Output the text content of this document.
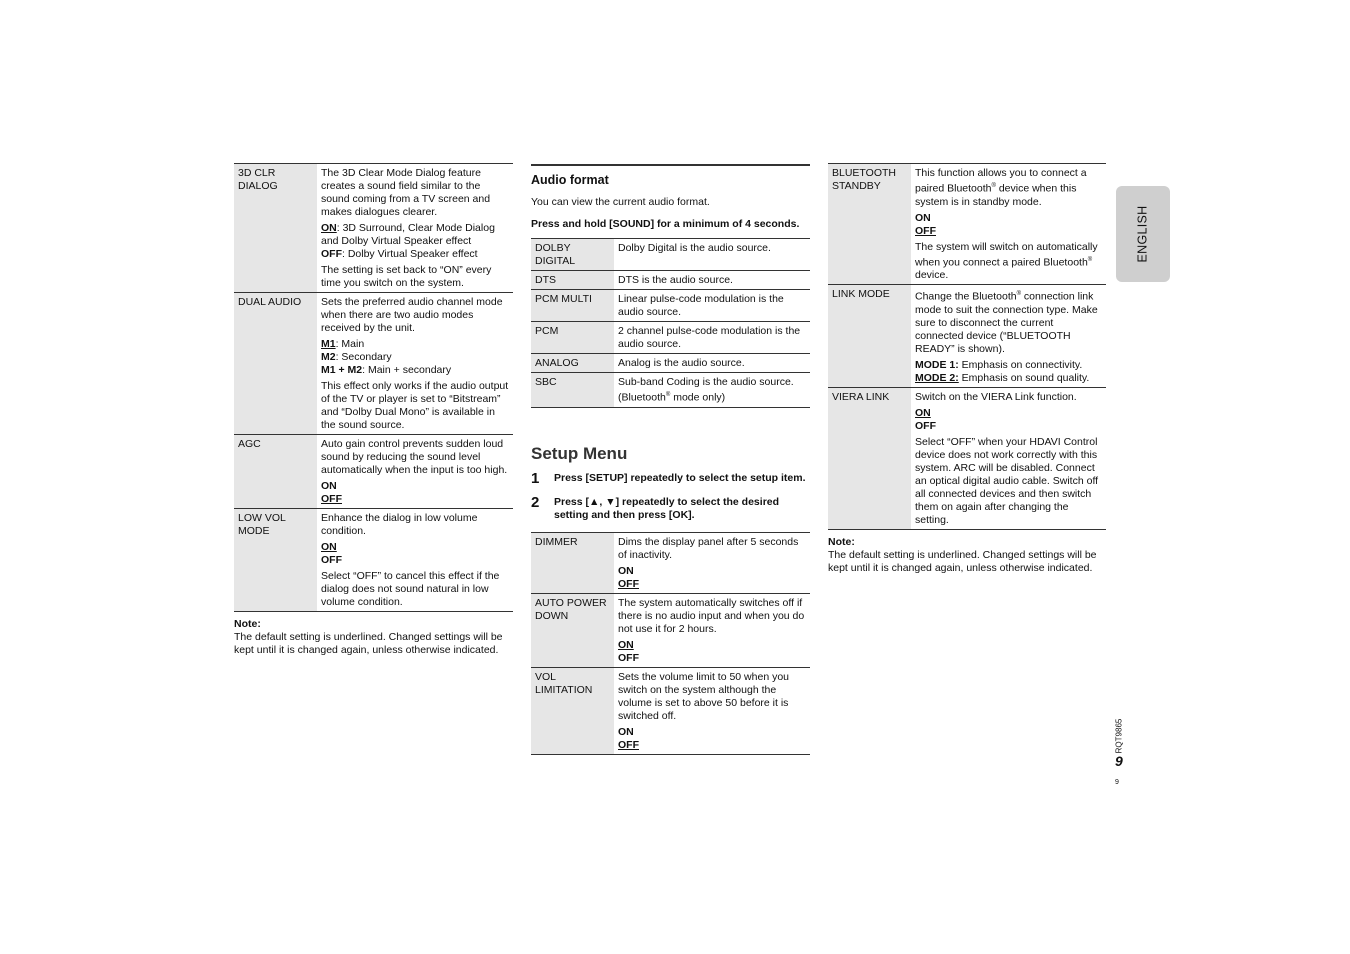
3D CLR DIALOG	The 3D Clear Mode Dialog feature creates a sound field similar to the sound coming from a TV screen and makes dialogues clearer.
ON: 3D Surround, Clear Mode Dialog and Dolby Virtual Speaker effect
OFF: Dolby Virtual Speaker effect
The setting is set back to “ON” every time you switch on the system.

DUAL AUDIO	Sets the preferred audio channel mode when there are two audio modes received by the unit.
M1: Main
M2: Secondary
M1 + M2: Main + secondary
This effect only works if the audio output of the TV or player is set to “Bitstream” and “Dolby Dual Mono” is available in the sound source.

AGC	Auto gain control prevents sudden loud sound by reducing the sound level automatically when the input is too high.
ON
OFF

LOW VOL MODE	Enhance the dialog in low volume condition.
ON
OFF
Select “OFF” to cancel this effect if the dialog does not sound natural in low volume condition.
Note:
The default setting is underlined. Changed settings will be kept until it is changed again, unless otherwise indicated.
Audio format
You can view the current audio format.
Press and hold [SOUND] for a minimum of 4 seconds.
DOLBY DIGITAL	Dolby Digital is the audio source.
DTS	DTS is the audio source.
PCM MULTI	Linear pulse-code modulation is the audio source.
PCM	2 channel pulse-code modulation is the audio source.
ANALOG	Analog is the audio source.
SBC	Sub-band Coding is the audio source.
(Bluetooth® mode only)
Setup Menu
1	Press [SETUP] repeatedly to select the setup item.
2	Press [▲, ▼] repeatedly to select the desired setting and then press [OK].
DIMMER	Dims the display panel after 5 seconds of inactivity.
ON
OFF

AUTO POWER DOWN	The system automatically switches off if there is no audio input and when you do not use it for 2 hours.
ON
OFF

VOL LIMITATION	Sets the volume limit to 50 when you switch on the system although the volume is set to above 50 before it is switched off.
ON
OFF
BLUETOOTH STANDBY	This function allows you to connect a paired Bluetooth® device when this system is in standby mode.
ON
OFF
The system will switch on automatically when you connect a paired Bluetooth® device.

LINK MODE	Change the Bluetooth® connection link mode to suit the connection type. Make sure to disconnect the current connected device (“BLUETOOTH READY” is shown).
MODE 1: Emphasis on connectivity.
MODE 2: Emphasis on sound quality.

VIERA LINK	Switch on the VIERA Link function.
ON
OFF
Select “OFF” when your HDAVI Control device does not work correctly with this system. ARC will be disabled. Connect an optical digital audio cable. Switch off all connected devices and then switch them on again after changing the setting.
Note:
The default setting is underlined. Changed settings will be kept until it is changed again, unless otherwise indicated.
ENGLISH
RQT9865
9
9
